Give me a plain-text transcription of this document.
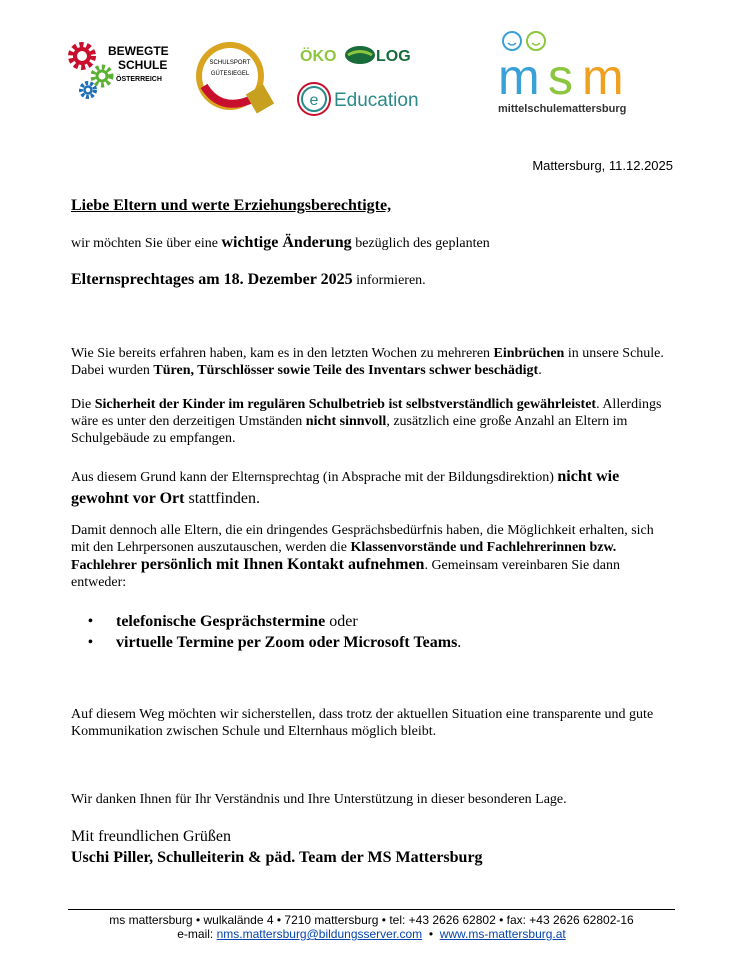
BEWEGTE
SCHULE
ÖSTERREICH
SCHULSPORT
GÜTESIEGEL
ÖKO LOG
e Education m s m
mittelschulemattersburg
Mattersburg, 11.12.2025
Liebe Eltern und werte Erziehungsberechtigte,
wir möchten Sie über eine wichtige Änderung bezüglich des geplanten
Elternsprechtages am 18. Dezember 2025 informieren.
Wie Sie bereits erfahren haben, kam es in den letzten Wochen zu mehreren Einbrüchen in unsere Schule. Dabei wurden Türen, Türschlösser sowie Teile des Inventars schwer beschädigt.
Die Sicherheit der Kinder im regulären Schulbetrieb ist selbstverständlich gewährleistet. Allerdings wäre es unter den derzeitigen Umständen nicht sinnvoll, zusätzlich eine große Anzahl an Eltern im Schulgebäude zu empfangen.
Aus diesem Grund kann der Elternsprechtag (in Absprache mit der Bildungsdirektion) nicht wie gewohnt vor Ort stattfinden.
Damit dennoch alle Eltern, die ein dringendes Gesprächsbedürfnis haben, die Möglichkeit erhalten, sich mit den Lehrpersonen auszutauschen, werden die Klassenvorstände und Fachlehrerinnen bzw. Fachlehrer persönlich mit Ihnen Kontakt aufnehmen. Gemeinsam vereinbaren Sie dann entweder:
• telefonische Gesprächstermine oder
• virtuelle Termine per Zoom oder Microsoft Teams.
Auf diesem Weg möchten wir sicherstellen, dass trotz der aktuellen Situation eine transparente und gute Kommunikation zwischen Schule und Elternhaus möglich bleibt.
Wir danken Ihnen für Ihr Verständnis und Ihre Unterstützung in dieser besonderen Lage.
Mit freundlichen Grüßen
Uschi Piller, Schulleiterin & päd. Team der MS Mattersburg
ms mattersburg • wulkalände 4 • 7210 mattersburg • tel: +43 2626 62802 • fax: +43 2626 62802-16
e-mail: nms.mattersburg@bildungsserver.com  •  www.ms-mattersburg.at
